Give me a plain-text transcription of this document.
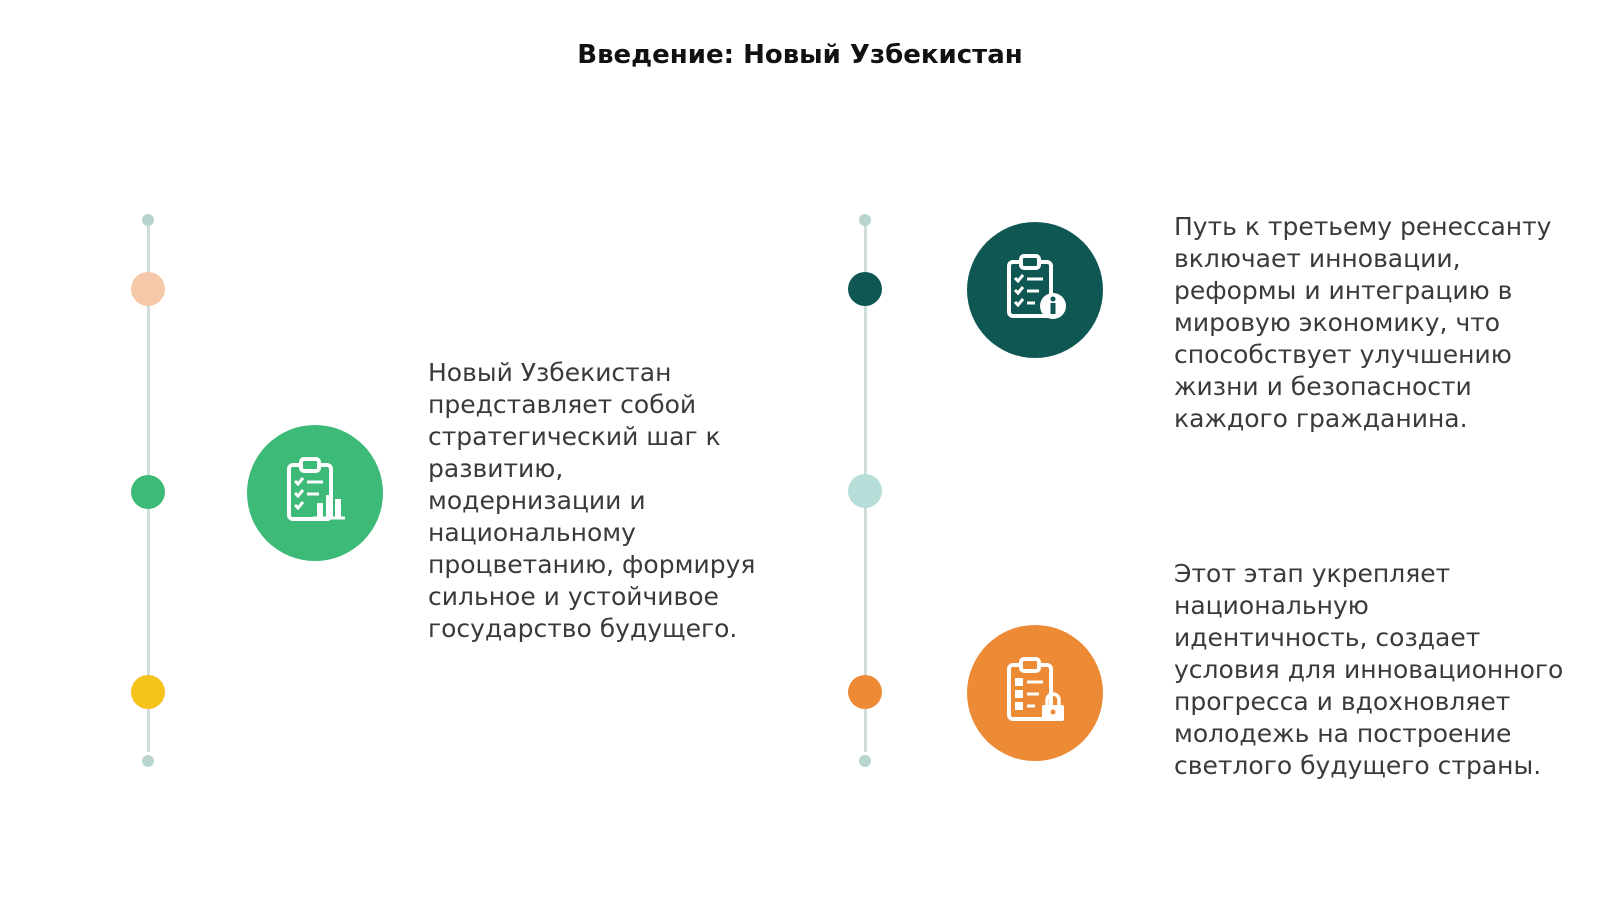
Введение: Новый Узбекистан
Новый Узбекистан представляет собой стратегический шаг к развитию, модернизации и национальному процветанию, формируя сильное и устойчивое государство будущего.
Путь к третьему ренессанту включает инновации, реформы и интеграцию в мировую экономику, что способствует улучшению жизни и безопасности каждого гражданина.
Этот этап укрепляет национальную идентичность, создает условия для инновационного прогресса и вдохновляет молодежь на построение светлого будущего страны.
